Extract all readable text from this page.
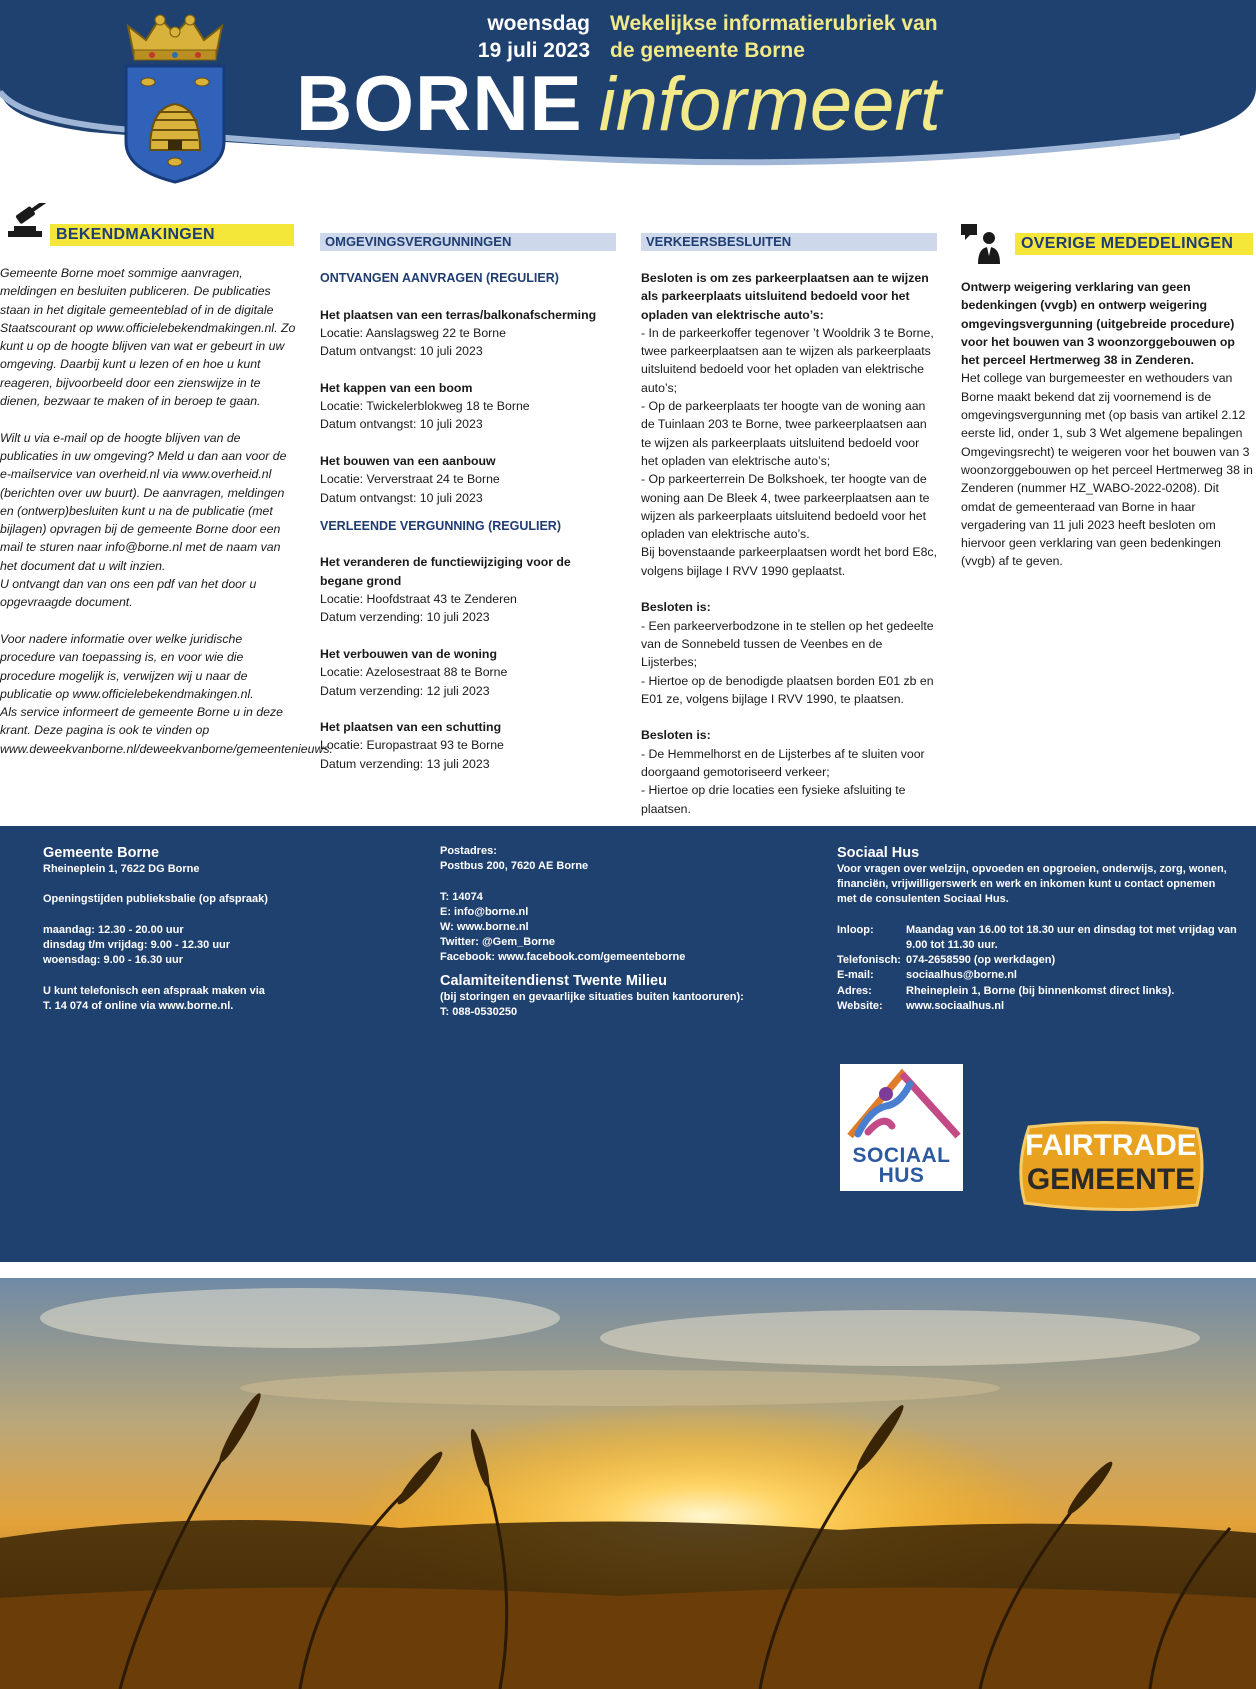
woensdag
19 juli 2023
Wekelijkse informatierubriek van
de gemeente Borne
BORNE informeert
BEKENDMAKINGEN

Gemeente Borne moet sommige aanvragen, meldingen en besluiten publiceren. De publicaties staan in het digitale gemeenteblad of in de digitale Staatscourant op www.officielebekendmakingen.nl. Zo kunt u op de hoogte blijven van wat er gebeurt in uw omgeving. Daarbij kunt u lezen of en hoe u kunt reageren, bijvoorbeeld door een zienswijze in te dienen, bezwaar te maken of in beroep te gaan.

Wilt u via e-mail op de hoogte blijven van de publicaties in uw omgeving? Meld u dan aan voor de e-mailservice van overheid.nl via www.overheid.nl (berichten over uw buurt). De aanvragen, meldingen en (ontwerp)besluiten kunt u na de publicatie (met bijlagen) opvragen bij de gemeente Borne door een mail te sturen naar info@borne.nl met de naam van het document dat u wilt inzien.

U ontvangt dan van ons een pdf van het door u opgevraagde document.

Voor nadere informatie over welke juridische procedure van toepassing is, en voor wie die procedure mogelijk is, verwijzen wij u naar de publicatie op www.officielebekendmakingen.nl.
Als service informeert de gemeente Borne u in deze krant. Deze pagina is ook te vinden op www.deweekvanborne.nl/deweekvanborne/gemeentenieuws.
OMGEVINGSVERGUNNINGEN
ONTVANGEN AANVRAGEN (REGULIER)
Het plaatsen van een terras/balkonafscherming
Locatie: Aanslagsweg 22 te Borne
Datum ontvangst: 10 juli 2023
Het kappen van een boom
Locatie: Twickelerblokweg 18 te Borne
Datum ontvangst: 10 juli 2023
Het bouwen van een aanbouw
Locatie: Ververstraat 24 te Borne
Datum ontvangst: 10 juli 2023
VERLEENDE VERGUNNING (REGULIER)
Het veranderen de functiewijziging voor de begane grond
Locatie: Hoofdstraat 43 te Zenderen
Datum verzending: 10 juli 2023
Het verbouwen van de woning
Locatie: Azelosestraat 88 te Borne
Datum verzending: 12 juli 2023
Het plaatsen van een schutting
Locatie: Europastraat 93 te Borne
Datum verzending: 13 juli 2023
VERKEERSBESLUITEN
Besloten is om zes parkeerplaatsen aan te wijzen als parkeerplaats uitsluitend bedoeld voor het opladen van elektrische auto’s:
- In de parkeerkoffer tegenover ’t Wooldrik 3 te Borne, twee parkeerplaatsen aan te wijzen als parkeerplaats uitsluitend bedoeld voor het opladen van elektrische auto’s;
- Op de parkeerplaats ter hoogte van de woning aan de Tuinlaan 203 te Borne, twee parkeerplaatsen aan te wijzen als parkeerplaats uitsluitend bedoeld voor het opladen van elektrische auto’s;
- Op parkeerterrein De Bolkshoek, ter hoogte van de woning aan De Bleek 4, twee parkeerplaatsen aan te wijzen als parkeerplaats uitsluitend bedoeld voor het opladen van elektrische auto’s.

Bij bovenstaande parkeerplaatsen wordt het bord E8c, volgens bijlage I RVV 1990 geplaatst.

Besloten is:
- Een parkeerverbodzone in te stellen op het gedeelte van de Sonnebeld tussen de Veenbes en de Lijsterbes;

- Hiertoe op de benodigde plaatsen borden E01 zb en E01 ze, volgens bijlage I RVV 1990, te plaatsen.

Besloten is:
- De Hemmelhorst en de Lijsterbes af te sluiten voor doorgaand gemotoriseerd verkeer;
- Hiertoe op drie locaties een fysieke afsluiting te plaatsen.
OVERIGE MEDEDELINGEN
Ontwerp weigering verklaring van geen bedenkingen (vvgb) en ontwerp weigering omgevingsvergunning (uitgebreide procedure) voor het bouwen van 3 woonzorggebouwen op het perceel Hertmerweg 38 in Zenderen.
Het college van burgemeester en wethouders van Borne maakt bekend dat zij voornemend is de omgevingsvergunning met (op basis van artikel 2.12 eerste lid, onder 1, sub 3 Wet algemene bepalingen Omgevingsrecht) te weigeren voor het bouwen van 3 woonzorggebouwen op het perceel Hertmerweg 38 in Zenderen (nummer HZ_WABO-2022-0208). Dit omdat de gemeenteraad van Borne in haar vergadering van 11 juli 2023 heeft besloten om hiervoor geen verklaring van geen bedenkingen (vvgb) af te geven.
Gemeente Borne
Rheineplein 1, 7622 DG Borne
Openingstijden publieksbalie (op afspraak)
maandag: 12.30 - 20.00 uur
dinsdag t/m vrijdag: 9.00 - 12.30 uur
woensdag: 9.00 - 16.30 uur
U kunt telefonisch een afspraak maken via
T. 14 074 of online via www.borne.nl.
Postadres:
Postbus 200, 7620 AE Borne
T: 14074
E: info@borne.nl
W: www.borne.nl
Twitter: @Gem_Borne
Facebook: www.facebook.com/gemeenteborne
Calamiteitendienst Twente Milieu
(bij storingen en gevaarlijke situaties buiten kantooruren):
T: 088-0530250
Sociaal Hus
Voor vragen over welzijn, opvoeden en opgroeien, onderwijs, zorg, wonen, financiën, vrijwilligerswerk en werk en inkomen kunt u contact opnemen met de consulenten Sociaal Hus.
Inloop:	Maandag van 16.00 tot 18.30 uur en dinsdag tot met vrijdag van 9.00 tot 11.30 uur.
Telefonisch:	074-2658590 (op werkdagen)
E-mail:	sociaalhus@borne.nl
Adres:	Rheineplein 1, Borne (bij binnenkomst direct links).
Website:	www.sociaalhus.nl
SOCIAAL
HUS
FAIRTRADE
GEMEENTE
